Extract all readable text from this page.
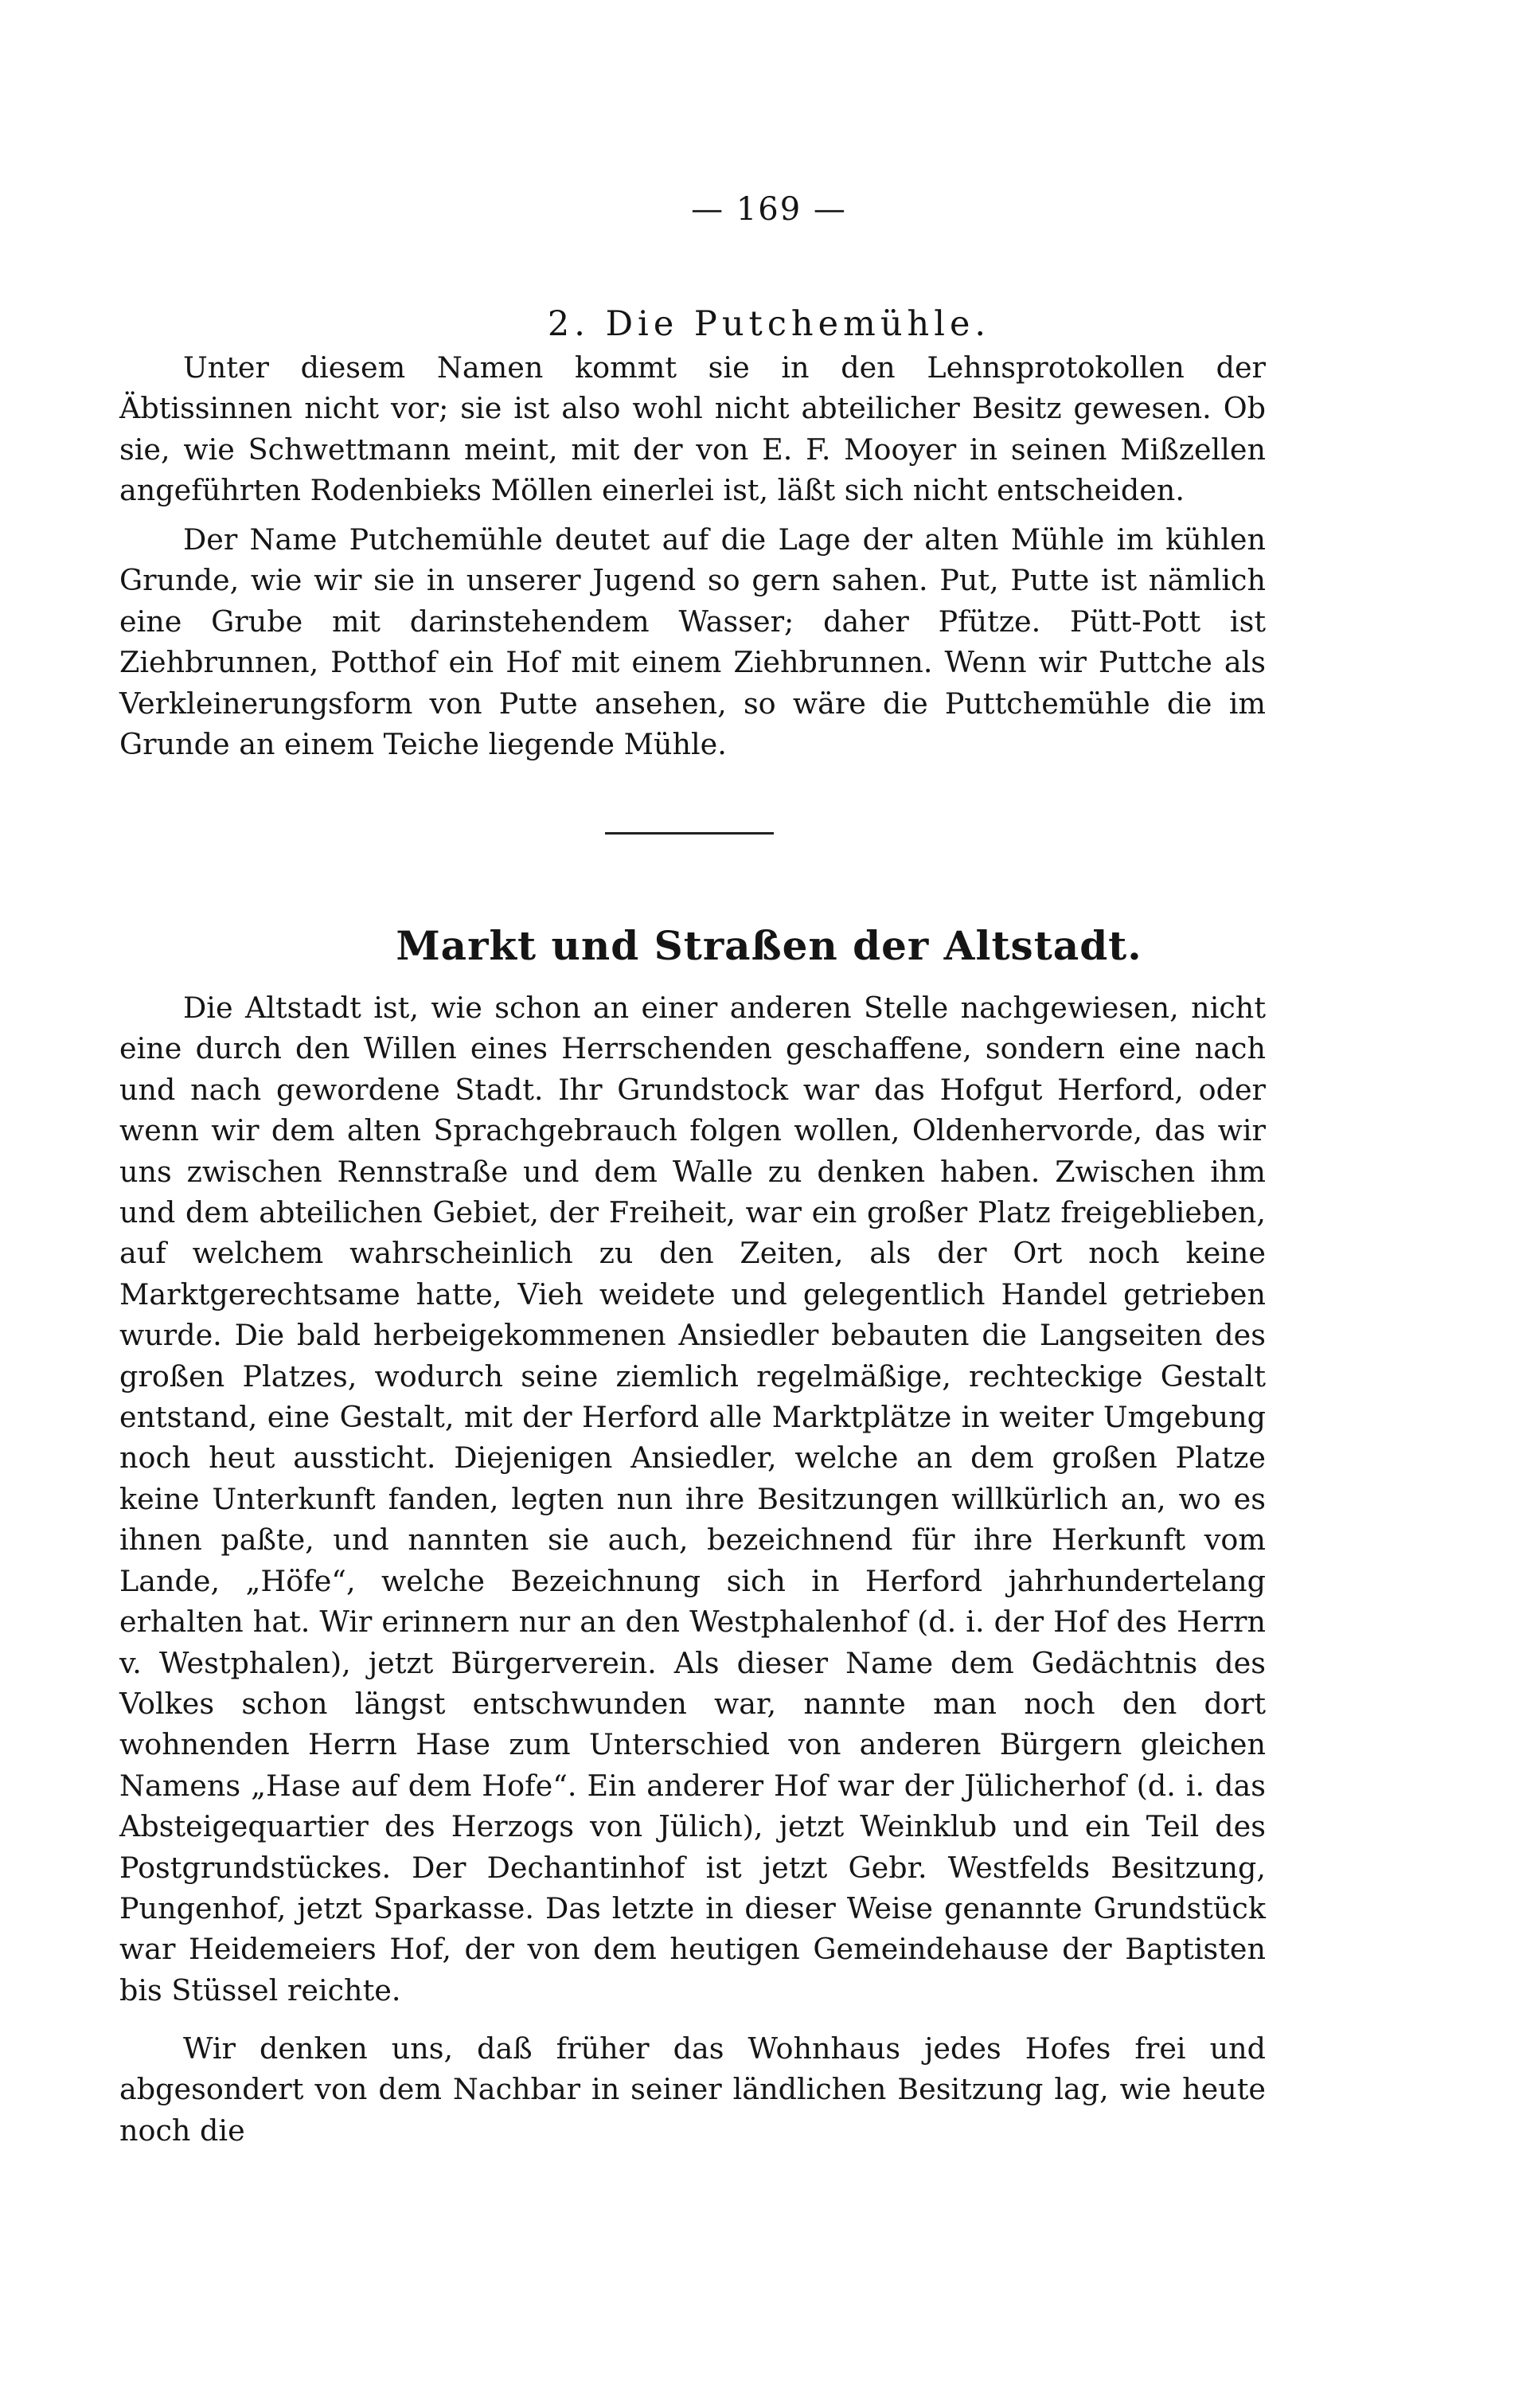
— 169 —
2. Die Putchemühle.

Unter diesem Namen kommt sie in den Lehnsprotokollen der Äbtissinnen nicht vor; sie ist also wohl nicht abteilicher Besitz gewesen. Ob sie, wie Schwettmann meint, mit der von E. F. Mooyer in seinen Mißzellen angeführten Rodenbieks Möllen einerlei ist, läßt sich nicht entscheiden.

Der Name Putchemühle deutet auf die Lage der alten Mühle im kühlen Grunde, wie wir sie in unserer Jugend so gern sahen. Put, Putte ist nämlich eine Grube mit darinstehendem Wasser; daher Pfütze. Pütt-Pott ist Ziehbrunnen, Potthof ein Hof mit einem Ziehbrunnen. Wenn wir Puttche als Verkleinerungsform von Putte ansehen, so wäre die Puttchemühle die im Grunde an einem Teiche liegende Mühle.

Markt und Straßen der Altstadt.

Die Altstadt ist, wie schon an einer anderen Stelle nachgewiesen, nicht eine durch den Willen eines Herrschenden geschaffene, sondern eine nach und nach gewordene Stadt. Ihr Grundstock war das Hofgut Herford, oder wenn wir dem alten Sprachgebrauch folgen wollen, Oldenhervorde, das wir uns zwischen Rennstraße und dem Walle zu denken haben. Zwischen ihm und dem abteilichen Gebiet, der Freiheit, war ein großer Platz freigeblieben, auf welchem wahrscheinlich zu den Zeiten, als der Ort noch keine Marktgerechtsame hatte, Vieh weidete und gelegentlich Handel getrieben wurde. Die bald herbeigekommenen Ansiedler bebauten die Langseiten des großen Platzes, wodurch seine ziemlich regelmäßige, rechteckige Gestalt entstand, eine Gestalt, mit der Herford alle Marktplätze in weiter Umgebung noch heut aussticht. Diejenigen Ansiedler, welche an dem großen Platze keine Unterkunft fanden, legten nun ihre Besitzungen willkürlich an, wo es ihnen paßte, und nannten sie auch, bezeichnend für ihre Herkunft vom Lande, „Höfe“, welche Bezeichnung sich in Herford jahrhundertelang erhalten hat. Wir erinnern nur an den Westphalenhof (d. i. der Hof des Herrn v. Westphalen), jetzt Bürgerverein. Als dieser Name dem Gedächtnis des Volkes schon längst entschwunden war, nannte man noch den dort wohnenden Herrn Hase zum Unterschied von anderen Bürgern gleichen Namens „Hase auf dem Hofe“. Ein anderer Hof war der Jülicherhof (d. i. das Absteigequartier des Herzogs von Jülich), jetzt Weinklub und ein Teil des Postgrundstückes. Der Dechantinhof ist jetzt Gebr. Westfelds Besitzung, Pungenhof, jetzt Sparkasse. Das letzte in dieser Weise genannte Grundstück war Heidemeiers Hof, der von dem heutigen Gemeindehause der Baptisten bis Stüssel reichte.

Wir denken uns, daß früher das Wohnhaus jedes Hofes frei und abgesondert von dem Nachbar in seiner ländlichen Besitzung lag, wie heute noch die
